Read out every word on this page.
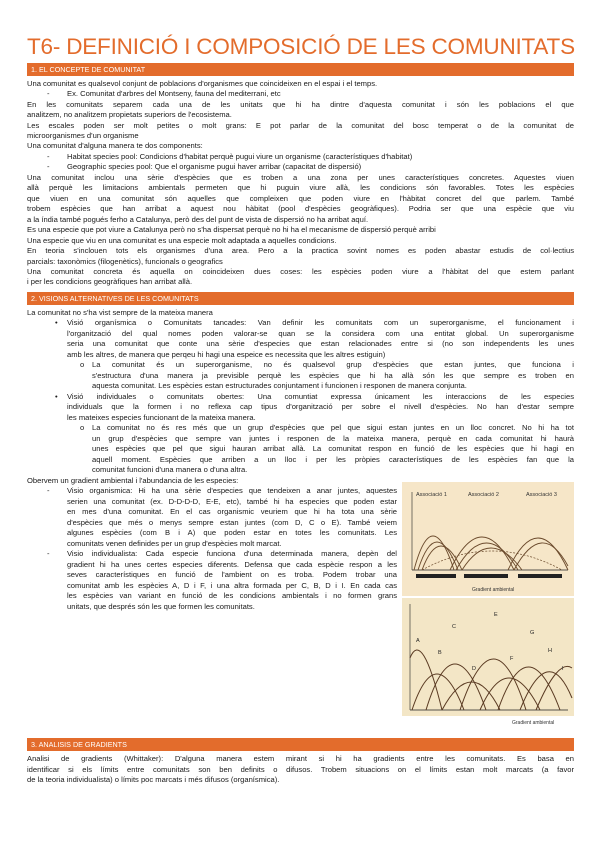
T6- DEFINICIÓ I COMPOSICIÓ DE LES COMUNITATS
1. EL CONCEPTE DE COMUNITAT
Una comunitat es qualsevol conjunt de poblacions d'organismes que coincideixen en el espai i el temps.
- Ex. Comunitat d'arbres del Montseny, fauna del mediterrani, etc
En les comunitats separem cada una de les unitats que hi ha dintre d'aquesta comunitat i són les poblacions el que
analitzem, no analitzem propietats superiors de l'ecosistema.
Les escales poden ser molt petites o molt grans: E pot parlar de la comunitat del bosc temperat o de la comunitat de
microorganismes d'un organisme
Una comunitat d'alguna manera te dos components:
- Habitat species pool: Condicions d'habitat perquè pugui viure un organisme (característiques d'habitat)
- Geographic species pool: Que el organisme pugui haver arribar (capacitat de dispersió)
Una comunitat inclou una sèrie d'espècies que es troben a una zona per unes característiques concretes. Aquestes viuen
allà perquè les limitacions ambientals permeten que hi puguin viure allà, les condicions són favorables. Totes les espècies
que viuen en una comunitat són aquelles que compleixen que poden viure en l'hàbitat concret del que parlem. També
trobem espècies que han arribat a aquest nou hàbitat (pool d'espècies geogràfiques). Podria ser que una espècie que viu
a la índia també pogués ferho a Catalunya, però des del punt de vista de dispersió no ha arribat aquí.
Es una especie que pot viure a Catalunya però no s'ha dispersat perquè no hi ha el mecanisme de dispersió perquè arribi
Una especie que viu en una comunitat es una especie molt adaptada a aquelles condicions.
En teoria s'inclouen tots els organismes d'una area. Pero a la practica sovint nomes es poden abastar estudis de col·lectius
parcials: taxonòmics (filogenètics), funcionals o geografics
Una comunitat concreta és aquella on coincideixen dues coses: les espècies poden viure a l'hàbitat del que estem parlant
i per les condicions geogràfiques han arribat allà.
2. VISIONS ALTERNATIVES DE LES COMUNITATS
La comunitat no s'ha vist sempre de la mateixa manera
• Visió organísmica o Comunitats tancades: Van definir les comunitats com un superorganisme, el funcionament i
l'organització del qual nomes poden valorar-se quan se la considera com una entitat global. Un superorganisme
seria una comunitat que conte una sèrie d'especies que estan relacionades entre si (no son independents les unes
amb les altres, de manera que perqeu hi hagi una espeice es necessita que les altres estiguin)
o La comunitat és un superorganisme, no és qualsevol grup d'espècies que estan juntes, que funciona i
s'estructura d'una manera ja previsible perquè les espècies que hi ha allà són les que sempre es troben en
aquesta comunitat. Les espècies estan estructurades conjuntament i funcionen i responen de manera conjunta.
• Visió individuales o comunitats obertes: Una comuntiat expressa únicament les interaccions de les especies
individuals que la formen i no reflexa cap tipus d'organització per sobre el nivell d'espècies. No han d'estar sempre
les mateixes especies funcionant de la mateixa manera.
o La comunitat no és res més que un grup d'espècies que pel que sigui estan juntes en un lloc concret. No hi ha tot
un grup d'espècies que sempre van juntes i responen de la mateixa manera, perquè en cada comunitat hi haurà
unes espècies que pel que sigui hauran arribat allà. La comunitat respon en funció de les espècies que hi hagi en
aquell moment. Espècies que arriben a un lloc i per les pròpies característiques de les espècies fan que la
comunitat funcioni d'una manera o d'una altra.
Obervem un gradient ambiental i l'abundancia de les especies:
- Visio organismica: Hi ha una sèrie d'especies que tendeixen a anar juntes, aquestes
serien una comunitat (ex. D-D-D-D, E-E, etc), també hi ha especies que poden estar
en mes d'una comunitat. En el cas organismic veuriem que hi ha tota una sèrie
d'espècies que més o menys sempre estan juntes (com D, C o E). També veiem
algunes espècies (com B i A) que poden estar en totes les comunitats. Les
comunitats venen definides per un grup d'espècies molt marcat.
- Visio individualista: Cada especie funciona d'una determinada manera, depèn del
gradient hi ha unes certes especies diferents. Defensa que cada espècie respon a les
seves característiques en funció de l'ambient on es troba. Podem trobar una
comunitat amb les espècies A, D i F, i una altra formada per C, B, D i I. En cada cas
les espècies van variant en funció de les condicions ambientals i no formen grans
unitats, que després són les que formen les comunitats.
Associació 1	Associació 2	Associació 3
Gradient ambiental
A
B
C
D
E
F
G
H
I
Gradient ambiental
3. ANALISIS DE GRADIENTS
Analisi de gradients (Whittaker): D'alguna manera estem mirant si hi ha gradients entre les comunitats. Es basa en
identificar si els límits entre comunitats son ben definits o difusos. Trobem situacions on el límits estan molt marcats (a favor
de la teoria individualista) o límits poc marcats i més difusos (organísmica).
